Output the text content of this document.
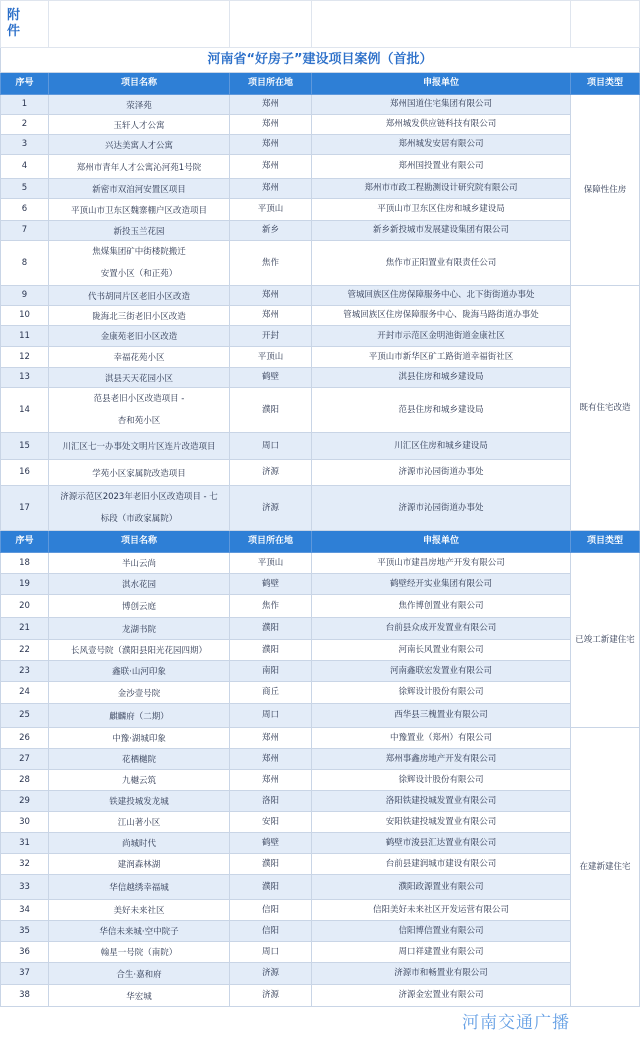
附 件				
河南省“好房子”建设项目案例（首批）				
序号	项目名称	项目所在地	申报单位	项目类型
1	荥泽苑	郑州	郑州国道住宅集团有限公司	保障性住房
2	玉轩人才公寓	郑州	郑州城发供应链科技有限公司	
3	兴达美寓人才公寓	郑州	郑州城发安居有限公司	
4	郑州市青年人才公寓沁河苑1号院	郑州	郑州国投置业有限公司	
5	新密市双洎河安置区项目	郑州	郑州市市政工程勘测设计研究院有限公司	
6	平顶山市卫东区魏寨棚户区改造项目	平顶山	平顶山市卫东区住房和城乡建设局	
7	新投玉兰花园	新乡	新乡新投城市发展建设集团有限公司	
8	焦煤集团矿中街楼院搬迁
安置小区（和正苑）	焦作	焦作市正阳置业有限责任公司	
9	代书胡同片区老旧小区改造	郑州	管城回族区住房保障服务中心、北下街街道办事处	既有住宅改造
10	陇海北三街老旧小区改造	郑州	管城回族区住房保障服务中心、陇海马路街道办事处	
11	金康苑老旧小区改造	开封	开封市示范区金明池街道金康社区	
12	幸福花苑小区	平顶山	平顶山市新华区矿工路街道幸福街社区	
13	淇县天天花园小区	鹤壁	淇县住房和城乡建设局	
14	范县老旧小区改造项目 -
杏和苑小区	濮阳	范县住房和城乡建设局	
15	川汇区七一办事处文明片区连片改造项目	周口	川汇区住房和城乡建设局	
16	学苑小区家属院改造项目	济源	济源市沁园街道办事处	
17	济源示范区2023年老旧小区改造项目 - 七
标段（市政家属院）	济源	济源市沁园街道办事处	
序号	项目名称	项目所在地	申报单位	项目类型
18	半山云尚	平顶山	平顶山市建昌房地产开发有限公司	已竣工新建住宅
19	淇水花园	鹤壁	鹤壁经开实业集团有限公司	
20	博创云庭	焦作	焦作博创置业有限公司	
21	龙湖书院	濮阳	台前县众成开发置业有限公司	
22	长风壹号院（濮阳县阳光花园四期）	濮阳	河南长风置业有限公司	
23	鑫联·山河印象	南阳	河南鑫联宏发置业有限公司	
24	金沙壹号院	商丘	徐辉设计股份有限公司	
25	麒麟府（二期）	周口	西华县三槐置业有限公司	
26	中豫·湖城印象	郑州	中豫置业（郑州）有限公司	在建新建住宅
27	花栖樾院	郑州	郑州事鑫房地产开发有限公司	
28	九樾云筑	郑州	徐辉设计股份有限公司	
29	铁建投城发龙城	洛阳	洛阳铁建投城发置业有限公司	
30	江山著小区	安阳	安阳铁建投城发置业有限公司	
31	尚城时代	鹤壁	鹤壁市浚县汇达置业有限公司	
32	建润森林湖	濮阳	台前县建润城市建设有限公司	
33	华信越绣幸福城	濮阳	濮阳政源置业有限公司	
34	美好未来社区	信阳	信阳美好未来社区开发运营有限公司	
35	华信未来城·空中院子	信阳	信阳博信置业有限公司	
36	翰星一号院（南院）	周口	周口祥建置业有限公司	
37	合生·嘉和府	济源	济源市和畅置业有限公司	
38	华宏城	济源	济源金宏置业有限公司	
河南交通广播
